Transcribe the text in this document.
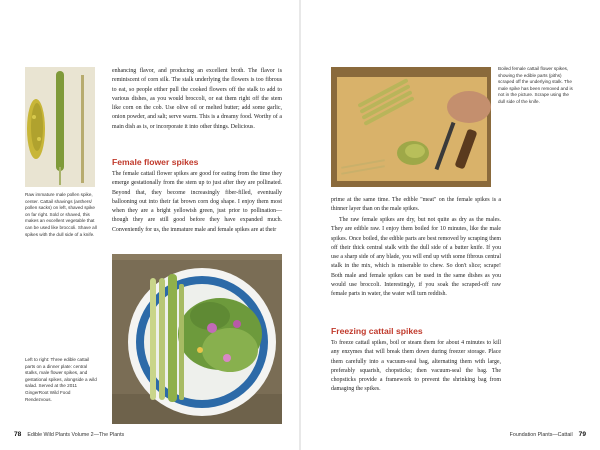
Raw immature male pollen spike, center. Cattail shavings (anthers/ pollen sacks) on left, shaved spike on far right. Sold or shaved, this makes an excellent vegetable that can be used like broccoli. Shave all spikes with the dull side of a knife.
Left to right: Three edible cattail parts on a dinner plate: central stalks, male flower spikes, and gestational spikes, alongside a wild salad. Served at the 2011 GingerRoot Wild Food Rendezvous.

enhancing flavor, and producing an excellent broth. The flavor is reminiscent of corn silk. The stalk underlying the flowers is too fibrous to eat, so people either pull the cooked flowers off the stalk to add to various dishes, as you would broccoli, or eat them right off the stem like corn on the cob. Use olive oil or melted butter; add some garlic, onion powder, and salt; serve warm. This is a dreamy food. Worthy of a main dish as is, or incorporate it into other things. Delicious.

Female flower spikes

The female cattail flower spikes are good for eating from the time they emerge gestationally from the stem up to just after they are pollinated. Beyond that, they become increasingly fiber-filled, eventually ballooning out into their fat brown corn dog shape. I enjoy them most when they are a bright yellowish green, just prior to pollination—though they are still good before they have expanded much. Conveniently for us, the immature male and female spikes are at their

78 Edible Wild Plants Volume 2—The Plants
Boiled female cattail flower spikes, showing the edible parts (piths) scraped off the underlying stalk. The male spike has been removed and is not in the picture. Scrape using the dull side of the knife.

prime at the same time. The edible "meat" on the female spikes is a thinner layer than on the male spikes.

The raw female spikes are dry, but not quite as dry as the males. They are edible raw. I enjoy them boiled for 10 minutes, like the male spikes. Once boiled, the edible parts are best removed by scraping them off their thick central stalk with the dull side of a butter knife. If you use a sharp side of any blade, you will end up with some fibrous central stalk in the mix, which is miserable to chew. So don't slice; scrape! Both male and female spikes can be used in the same dishes as you would use broccoli. Interestingly, if you soak the scraped-off raw female parts in water, the water will turn reddish.

Freezing cattail spikes

To freeze cattail spikes, boil or steam them for about 4 minutes to kill any enzymes that will break them down during freezer storage. Place them carefully into a vacuum-seal bag, alternating them with large, preferably squarish, chopsticks; then vacuum-seal the bag. The chopsticks provide a framework to prevent the shrinking bag from damaging the spikes.

Foundation Plants—Cattail 79
